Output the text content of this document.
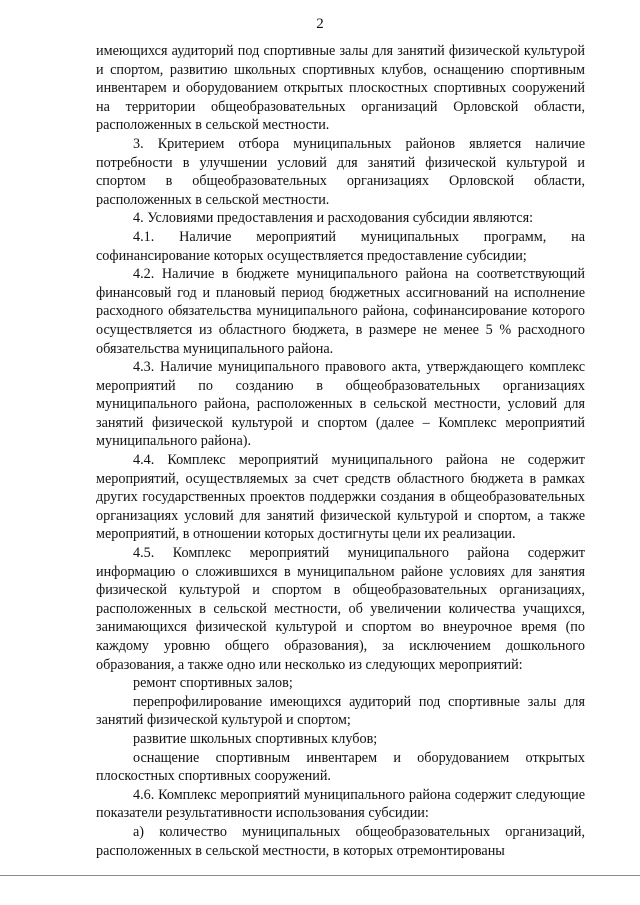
2

имеющихся аудиторий под спортивные залы для занятий физической культурой и спортом, развитию школьных спортивных клубов, оснащению спортивным инвентарем и оборудованием открытых плоскостных спортивных сооружений на территории общеобразовательных организаций Орловской области, расположенных в сельской местности.

3. Критерием отбора муниципальных районов является наличие потребности в улучшении условий для занятий физической культурой и спортом в общеобразовательных организациях Орловской области, расположенных в сельской местности.

4. Условиями предоставления и расходования субсидии являются:

4.1. Наличие мероприятий муниципальных программ, на софинансирование которых осуществляется предоставление субсидии;

4.2. Наличие в бюджете муниципального района на соответствующий финансовый год и плановый период бюджетных ассигнований на исполнение расходного обязательства муниципального района, софинансирование которого осуществляется из областного бюджета, в размере не менее 5 % расходного обязательства муниципального района.

4.3. Наличие муниципального правового акта, утверждающего комплекс мероприятий по созданию в общеобразовательных организациях муниципального района, расположенных в сельской местности, условий для занятий физической культурой и спортом (далее – Комплекс мероприятий муниципального района).

4.4. Комплекс мероприятий муниципального района не содержит мероприятий, осуществляемых за счет средств областного бюджета в рамках других государственных проектов поддержки создания в общеобразовательных организациях условий для занятий физической культурой и спортом, а также мероприятий, в отношении которых достигнуты цели их реализации.

4.5. Комплекс мероприятий муниципального района содержит информацию о сложившихся в муниципальном районе условиях для занятия физической культурой и спортом в общеобразовательных организациях, расположенных в сельской местности, об увеличении количества учащихся, занимающихся физической культурой и спортом во внеурочное время (по каждому уровню общего образования), за исключением дошкольного образования, а также одно или несколько из следующих мероприятий:

ремонт спортивных залов;

перепрофилирование имеющихся аудиторий под спортивные залы для занятий физической культурой и спортом;

развитие школьных спортивных клубов;

оснащение спортивным инвентарем и оборудованием открытых плоскостных спортивных сооружений.

4.6. Комплекс мероприятий муниципального района содержит следующие показатели результативности использования субсидии:

а) количество муниципальных общеобразовательных организаций, расположенных в сельской местности, в которых отремонтированы
